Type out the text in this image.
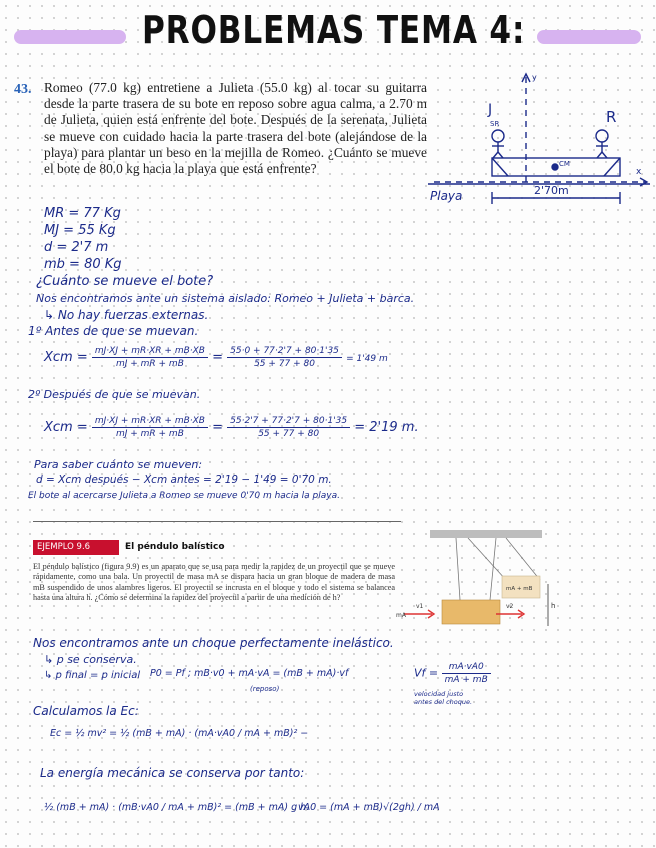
PROBLEMAS TEMA 4:
43. Romeo (77.0 kg) entretiene a Julieta (55.0 kg) al tocar su guitarra desde la parte trasera de su bote en reposo sobre agua calma, a 2.70 m de Julieta, quien está enfrente del bote. Después de la serenata, Julieta se mueve con cuidado hacia la parte trasera del bote (alejándose de la playa) para plantar un beso en la mejilla de Romeo. ¿Cuánto se mueve el bote de 80.0 kg hacia la playa que está enfrente?
J
SR	R
CM
y
x
Playa	2'70m
MR = 77 Kg
MJ = 55 Kg
d = 2'7 m
mb = 80 Kg
¿Cuánto se mueve el bote?
Nos encontramos ante un sistema aislado: Romeo + Julieta + barca.
↳ No hay fuerzas externas.
1º Antes de que se muevan.
Xcm = $\frac{mJ\cdot XJ + mR\cdot XR + mB\cdot XB}{mJ + mR + mB} = \frac{55\cdot 0 + 77\cdot 2'7 + 80\cdot 1'35}{55 + 77 + 80} = 1'49$ m
2º Después de que se muevan.
Xcm = $\frac{mJ\cdot XJ + mR\cdot XR + mB\cdot XB}{mJ + mR + mB} = \frac{55\cdot 2'7 + 77\cdot 2'7 + 80\cdot 1'35}{55 + 77 + 80} = 2'19$ m.
Para saber cuánto se mueven:
d = Xcm después − Xcm antes = 2'19 − 1'49 = 0'70 m.
El bote al acercarse Julieta a Romeo se mueve 0'70 m hacia la playa.
EJEMPLO 9.6	El péndulo balístico
El péndulo balístico (figura 9.9) es un aparato que se usa para medir la rapidez de un proyectil que se mueve rápidamente, como una bala. Un proyectil de masa mA se dispara hacia un gran bloque de madera de masa mB suspendido de unos alambres ligeros. El proyectil se incrusta en el bloque y todo el sistema se balancea hasta una altura h. ¿Cómo se determina la rapidez del proyectil a partir de una medición de h?
mA
v1	v2
mA + mB
h
Nos encontramos ante un choque perfectamente inelástico.
↳ p se conserva.
↳ p final = p inicial P0 = Pf ; mB·v0 + mA·vA = (mB + mA)·vf
(reposo)
$Vf = \frac{mA\cdot vA0}{mA + mB}$
velocidad justo antes del choque.
Calculamos la Ec:
Ec = ½ mv² = ½ (mB + mA) · (mA·vA0 / mA + mB)² −
La energía mecánica se conserva por tanto:
½ (mB + mA) · (mB·vA0 / mA + mB)² = (mB + mA) g h.
vA0 = (mA + mB)√(2gh) / mA
